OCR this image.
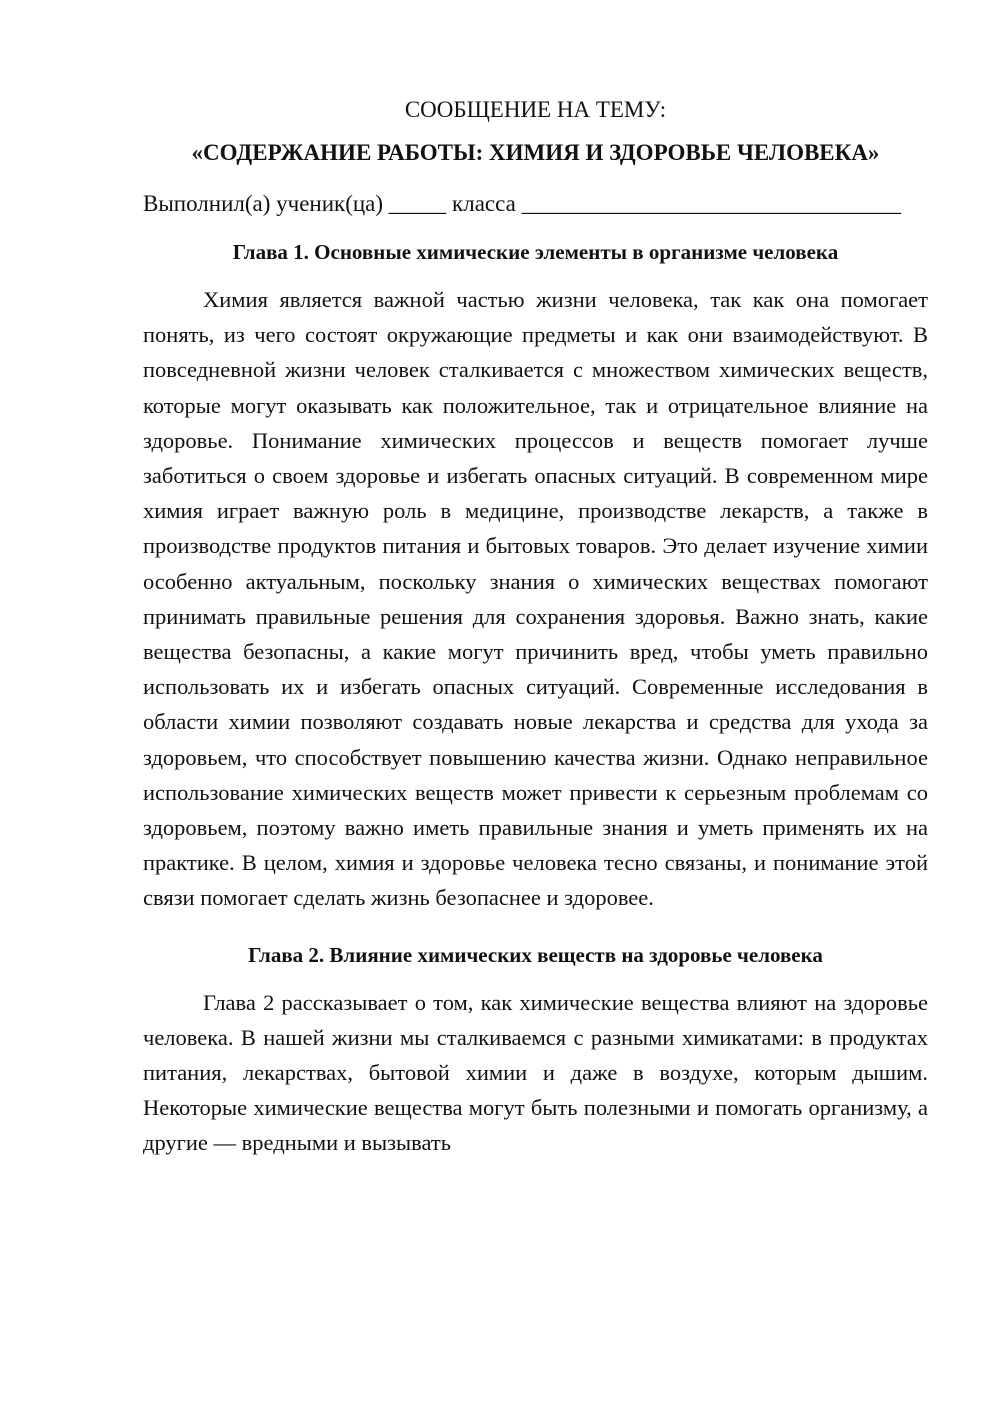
СООБЩЕНИЕ НА ТЕМУ:
«СОДЕРЖАНИЕ РАБОТЫ: ХИМИЯ И ЗДОРОВЬЕ ЧЕЛОВЕКА»
Выполнил(а) ученик(ца) _____ класса _________________________________
Глава 1. Основные химические элементы в организме человека

Химия является важной частью жизни человека, так как она помогает понять, из чего состоят окружающие предметы и как они взаимодействуют. В повседневной жизни человек сталкивается с множеством химических веществ, которые могут оказывать как положительное, так и отрицательное влияние на здоровье. Понимание химических процессов и веществ помогает лучше заботиться о своем здоровье и избегать опасных ситуаций. В современном мире химия играет важную роль в медицине, производстве лекарств, а также в производстве продуктов питания и бытовых товаров. Это делает изучение химии особенно актуальным, поскольку знания о химических веществах помогают принимать правильные решения для сохранения здоровья. Важно знать, какие вещества безопасны, а какие могут причинить вред, чтобы уметь правильно использовать их и избегать опасных ситуаций. Современные исследования в области химии позволяют создавать новые лекарства и средства для ухода за здоровьем, что способствует повышению качества жизни. Однако неправильное использование химических веществ может привести к серьезным проблемам со здоровьем, поэтому важно иметь правильные знания и уметь применять их на практике. В целом, химия и здоровье человека тесно связаны, и понимание этой связи помогает сделать жизнь безопаснее и здоровее.

Глава 2. Влияние химических веществ на здоровье человека

Глава 2 рассказывает о том, как химические вещества влияют на здоровье человека. В нашей жизни мы сталкиваемся с разными химикатами: в продуктах питания, лекарствах, бытовой химии и даже в воздухе, которым дышим. Некоторые химические вещества могут быть полезными и помогать организму, а другие — вредными и вызывать
